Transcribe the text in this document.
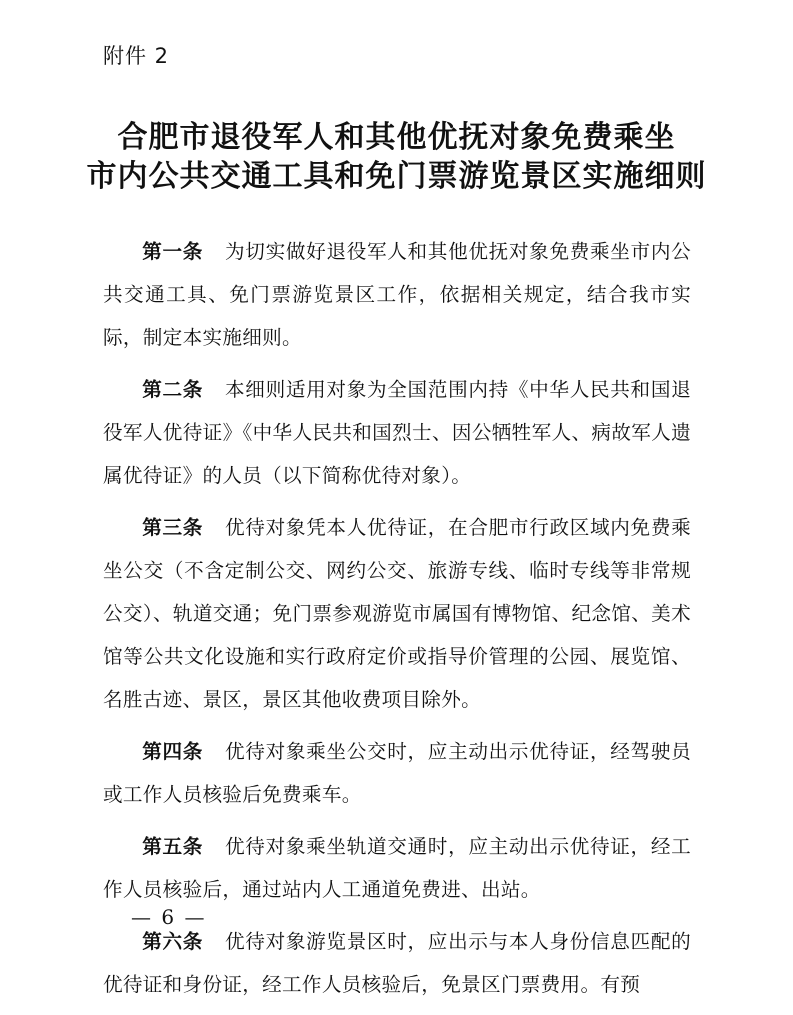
附件 2
合肥市退役军人和其他优抚对象免费乘坐
市内公共交通工具和免门票游览景区实施细则

第一条 为切实做好退役军人和其他优抚对象免费乘坐市内公共交通工具、免门票游览景区工作，依据相关规定，结合我市实际，制定本实施细则。

第二条 本细则适用对象为全国范围内持《中华人民共和国退役军人优待证》《中华人民共和国烈士、因公牺牲军人、病故军人遗属优待证》的人员（以下简称优待对象）。

第三条 优待对象凭本人优待证，在合肥市行政区域内免费乘坐公交（不含定制公交、网约公交、旅游专线、临时专线等非常规公交）、轨道交通；免门票参观游览市属国有博物馆、纪念馆、美术馆等公共文化设施和实行政府定价或指导价管理的公园、展览馆、名胜古迹、景区，景区其他收费项目除外。

第四条 优待对象乘坐公交时，应主动出示优待证，经驾驶员或工作人员核验后免费乘车。

第五条 优待对象乘坐轨道交通时，应主动出示优待证，经工作人员核验后，通过站内人工通道免费进、出站。

第六条 优待对象游览景区时，应出示与本人身份信息匹配的优待证和身份证，经工作人员核验后，免景区门票费用。有预

— 6 —
